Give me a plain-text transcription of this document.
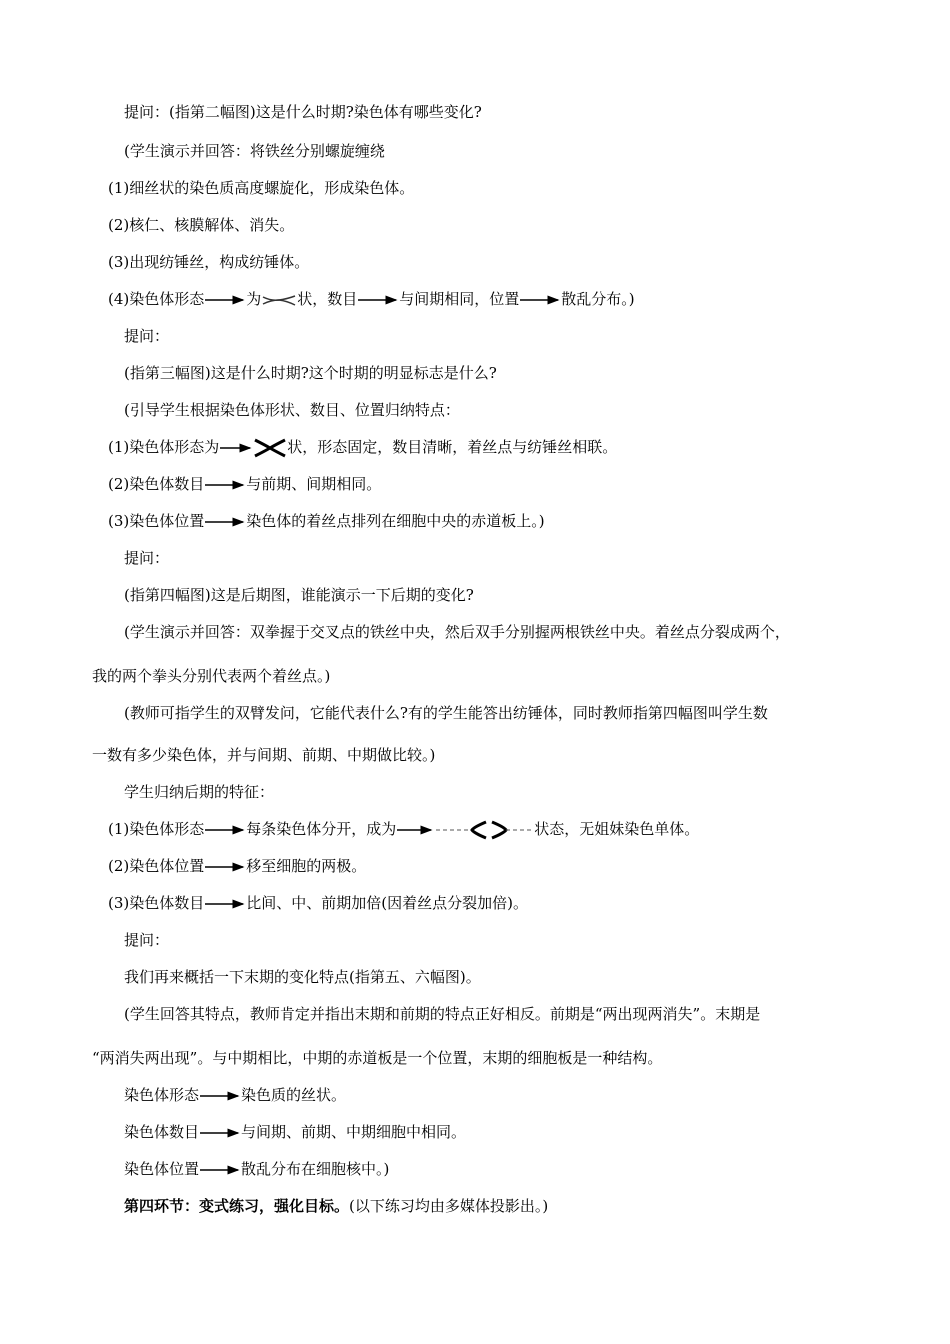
提问：(指第二幅图)这是什么时期?染色体有哪些变化?
(学生演示并回答：将铁丝分别螺旋缠绕
(1)细丝状的染色质高度螺旋化，形成染色体。
(2)核仁、核膜解体、消失。
(3)出现纺锤丝，构成纺锤体。
(4)染色体形态	为 状，数目	与间期相同，位置	散乱分布。)
提问：
(指第三幅图)这是什么时期?这个时期的明显标志是什么?
(引导学生根据染色体形状、数目、位置归纳特点：
(1)染色体形态为	状，形态固定，数目清晰，着丝点与纺锤丝相联。
(2)染色体数目	与前期、间期相同。
(3)染色体位置	染色体的着丝点排列在细胞中央的赤道板上。)
提问：
(指第四幅图)这是后期图，谁能演示一下后期的变化?
(学生演示并回答：双拳握于交叉点的铁丝中央，然后双手分别握两根铁丝中央。着丝点分裂成两个，
我的两个拳头分别代表两个着丝点。)
(教师可指学生的双臂发问，它能代表什么?有的学生能答出纺锤体，同时教师指第四幅图叫学生数
一数有多少染色体，并与间期、前期、中期做比较。)
学生归纳后期的特征：
(1)染色体形态	每条染色体分开，成为	状态，无姐妹染色单体。
(2)染色体位置	移至细胞的两极。
(3)染色体数目	比间、中、前期加倍(因着丝点分裂加倍)。
提问：
我们再来概括一下末期的变化特点(指第五、六幅图)。
(学生回答其特点，教师肯定并指出末期和前期的特点正好相反。前期是“两出现两消失”。末期是
“两消失两出现”。与中期相比，中期的赤道板是一个位置，末期的细胞板是一种结构。
染色体形态	染色质的丝状。
染色体数目	与间期、前期、中期细胞中相同。
染色体位置	散乱分布在细胞核中。)
第四环节：变式练习，强化目标。(以下练习均由多媒体投影出。)
